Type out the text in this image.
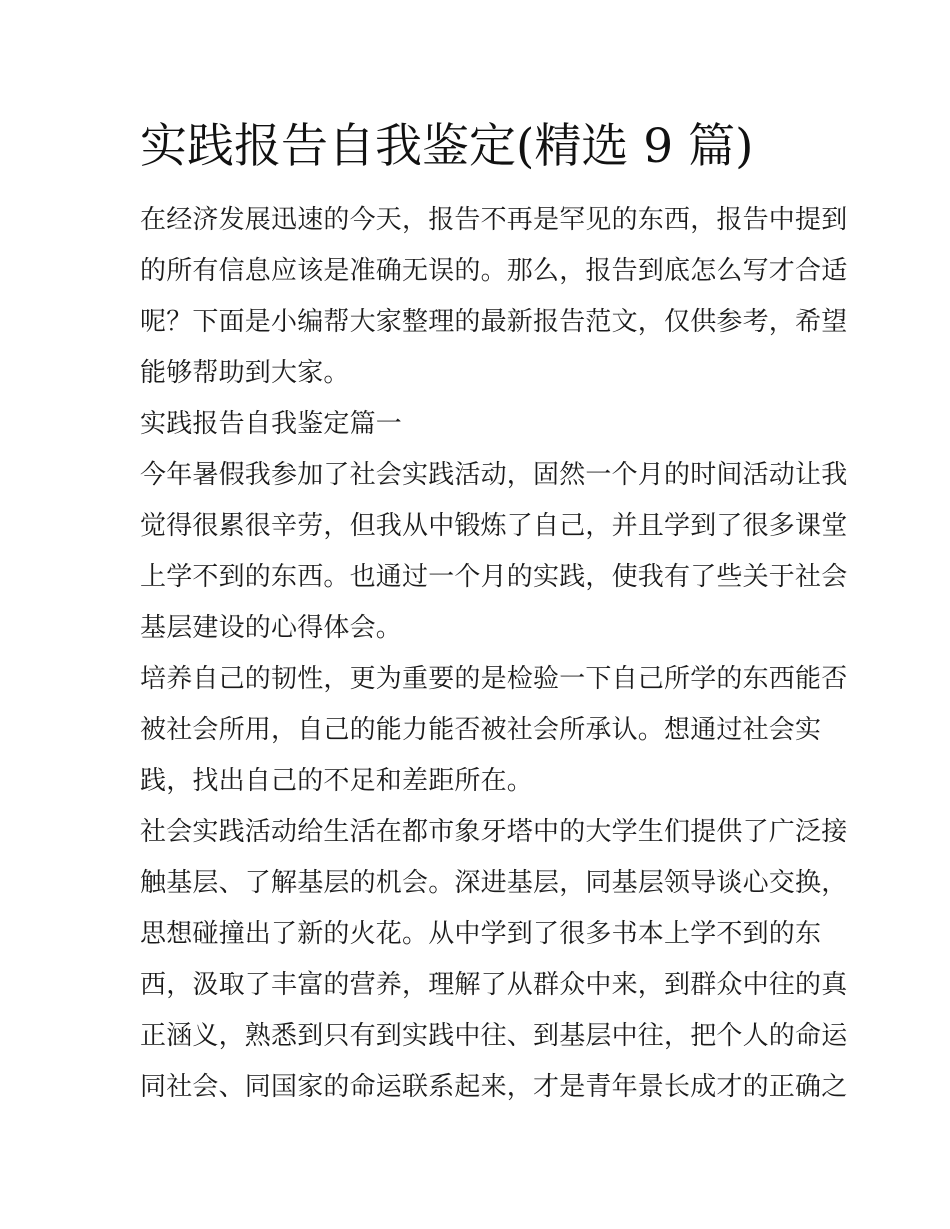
实践报告自我鉴定(精选 9 篇)
在经济发展迅速的今天，报告不再是罕见的东西，报告中提到
的所有信息应该是准确无误的。那么，报告到底怎么写才合适
呢？下面是小编帮大家整理的最新报告范文，仅供参考，希望
能够帮助到大家。
实践报告自我鉴定篇一
今年暑假我参加了社会实践活动，固然一个月的时间活动让我
觉得很累很辛劳，但我从中锻炼了自己，并且学到了很多课堂
上学不到的东西。也通过一个月的实践，使我有了些关于社会
基层建设的心得体会。
培养自己的韧性，更为重要的是检验一下自己所学的东西能否
被社会所用，自己的能力能否被社会所承认。想通过社会实
践，找出自己的不足和差距所在。
社会实践活动给生活在都市象牙塔中的大学生们提供了广泛接
触基层、了解基层的机会。深进基层，同基层领导谈心交换，
思想碰撞出了新的火花。从中学到了很多书本上学不到的东
西，汲取了丰富的营养，理解了从群众中来，到群众中往的真
正涵义，熟悉到只有到实践中往、到基层中往，把个人的命运
同社会、同国家的命运联系起来，才是青年景长成才的正确之
